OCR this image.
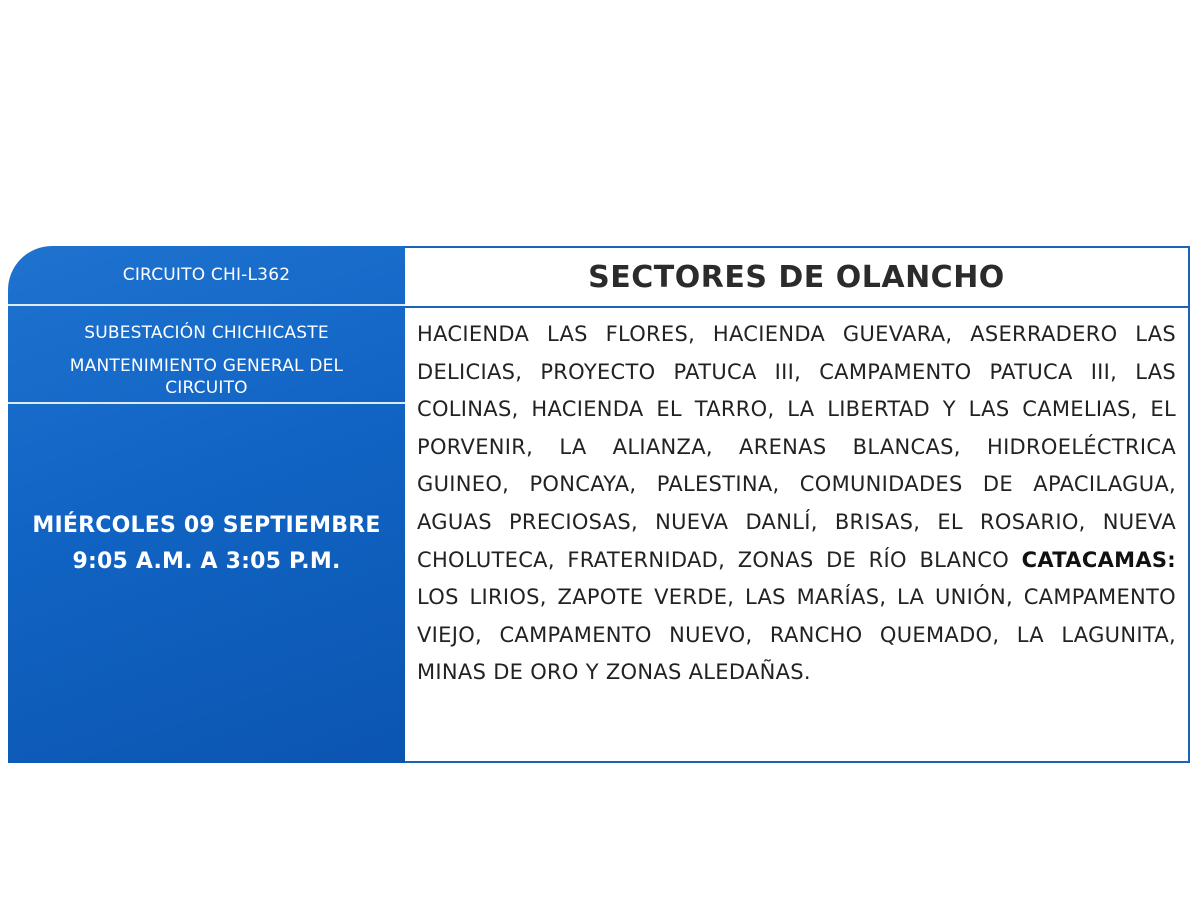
CIRCUITO CHI-L362
SUBESTACIÓN CHICHICASTE
MANTENIMIENTO GENERAL DEL CIRCUITO
MIÉRCOLES 09 SEPTIEMBRE
9:05 A.M. A 3:05 P.M.
SECTORES DE OLANCHO
HACIENDA LAS FLORES, HACIENDA GUEVARA, ASERRADERO LAS DELICIAS, PROYECTO PATUCA III, CAMPAMENTO PATUCA III, LAS COLINAS, HACIENDA EL TARRO, LA LIBERTAD Y LAS CAMELIAS, EL PORVENIR, LA ALIANZA, ARENAS BLANCAS, HIDROELÉCTRICA GUINEO, PONCAYA, PALESTINA, COMUNIDADES DE APACILAGUA, AGUAS PRECIOSAS, NUEVA DANLÍ, BRISAS, EL ROSARIO, NUEVA CHOLUTECA, FRATERNIDAD, ZONAS DE RÍO BLANCO CATACAMAS: LOS LIRIOS, ZAPOTE VERDE, LAS MARÍAS, LA UNIÓN, CAMPAMENTO VIEJO, CAMPAMENTO NUEVO, RANCHO QUEMADO, LA LAGUNITA, MINAS DE ORO Y ZONAS ALEDAÑAS.
